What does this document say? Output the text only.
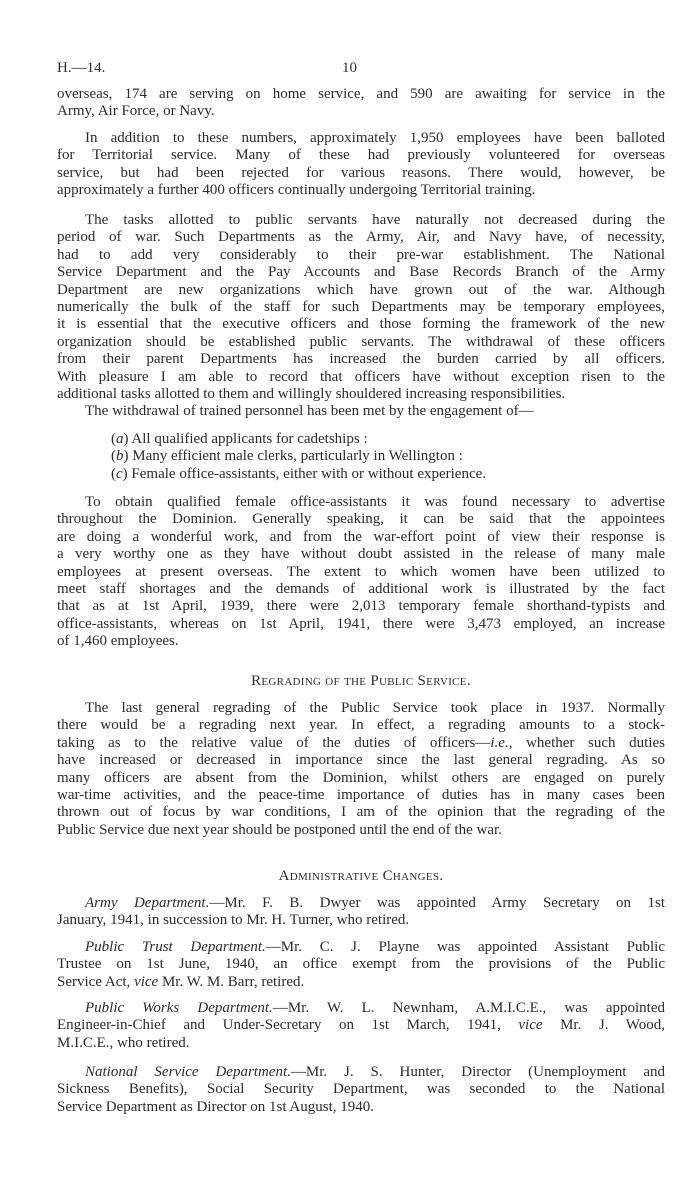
H.—14.	10
overseas, 174 are serving on home service, and 590 are awaiting for service in the
Army, Air Force, or Navy.
In addition to these numbers, approximately 1,950 employees have been balloted
for Territorial service. Many of these had previously volunteered for overseas
service, but had been rejected for various reasons. There would, however, be
approximately a further 400 officers continually undergoing Territorial training.
The tasks allotted to public servants have naturally not decreased during the
period of war. Such Departments as the Army, Air, and Navy have, of necessity,
had to add very considerably to their pre-war establishment. The National
Service Department and the Pay Accounts and Base Records Branch of the Army
Department are new organizations which have grown out of the war. Although
numerically the bulk of the staff for such Departments may be temporary employees,
it is essential that the executive officers and those forming the framework of the new
organization should be established public servants. The withdrawal of these officers
from their parent Departments has increased the burden carried by all officers.
With pleasure I am able to record that officers have without exception risen to the
additional tasks allotted to them and willingly shouldered increasing responsibilities.
The withdrawal of trained personnel has been met by the engagement of—
(a) All qualified applicants for cadetships :
(b) Many efficient male clerks, particularly in Wellington :
(c) Female office-assistants, either with or without experience.
To obtain qualified female office-assistants it was found necessary to advertise
throughout the Dominion. Generally speaking, it can be said that the appointees
are doing a wonderful work, and from the war-effort point of view their response is
a very worthy one as they have without doubt assisted in the release of many male
employees at present overseas. The extent to which women have been utilized to
meet staff shortages and the demands of additional work is illustrated by the fact
that as at 1st April, 1939, there were 2,013 temporary female shorthand-typists and
office-assistants, whereas on 1st April, 1941, there were 3,473 employed, an increase
of 1,460 employees.
Regrading of the Public Service.
The last general regrading of the Public Service took place in 1937. Normally
there would be a regrading next year. In effect, a regrading amounts to a stock-
taking as to the relative value of the duties of officers—i.e., whether such duties
have increased or decreased in importance since the last general regrading. As so
many officers are absent from the Dominion, whilst others are engaged on purely
war-time activities, and the peace-time importance of duties has in many cases been
thrown out of focus by war conditions, I am of the opinion that the regrading of the
Public Service due next year should be postponed until the end of the war.
Administrative Changes.
Army Department.—Mr. F. B. Dwyer was appointed Army Secretary on 1st
January, 1941, in succession to Mr. H. Turner, who retired.
Public Trust Department.—Mr. C. J. Playne was appointed Assistant Public
Trustee on 1st June, 1940, an office exempt from the provisions of the Public
Service Act, vice Mr. W. M. Barr, retired.
Public Works Department.—Mr. W. L. Newnham, A.M.I.C.E., was appointed
Engineer-in-Chief and Under-Secretary on 1st March, 1941, vice Mr. J. Wood,
M.I.C.E., who retired.
National Service Department.—Mr. J. S. Hunter, Director (Unemployment and
Sickness Benefits), Social Security Department, was seconded to the National
Service Department as Director on 1st August, 1940.
